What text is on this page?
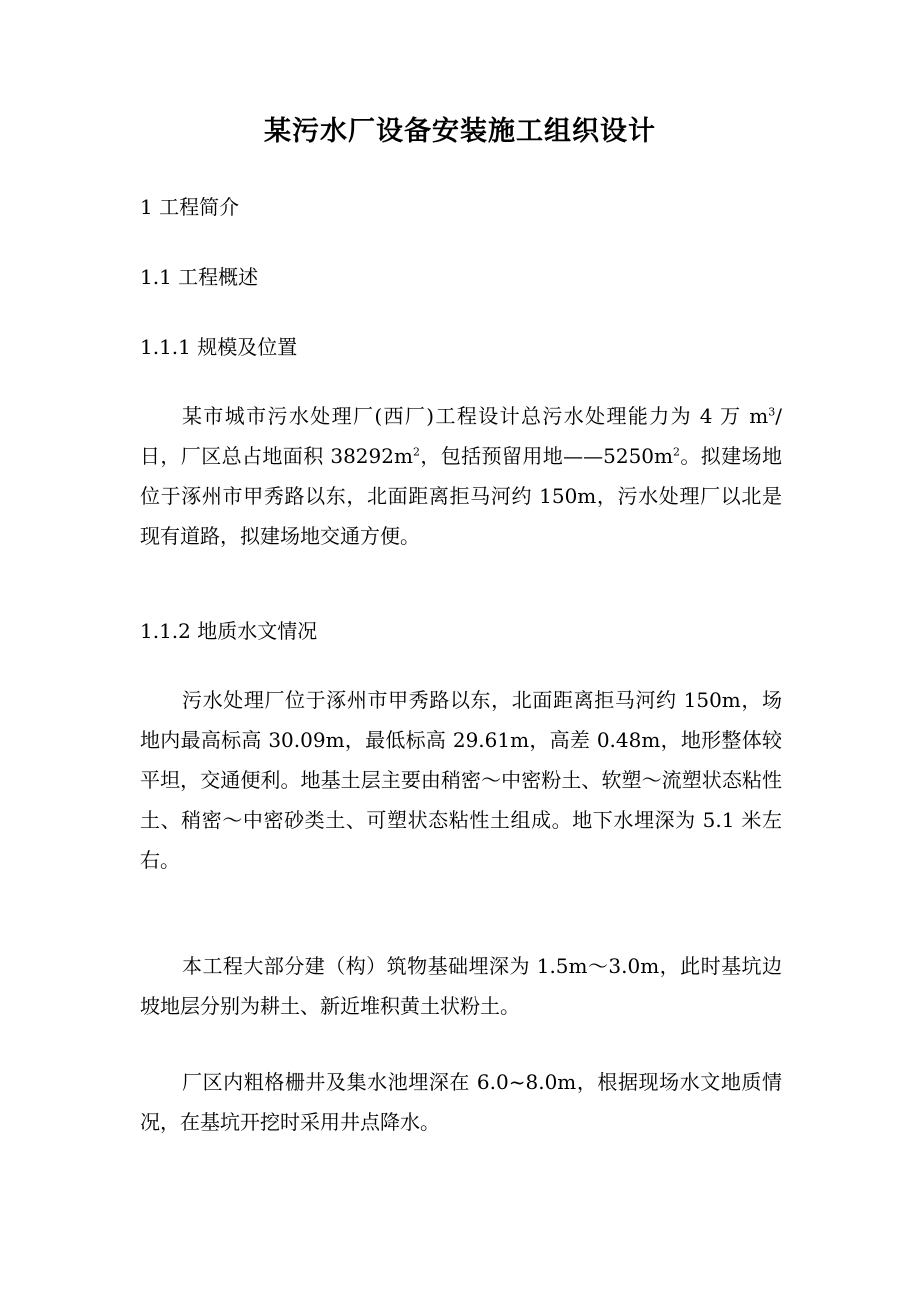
某污水厂设备安装施工组织设计

1 工程简介

1.1 工程概述

1.1.1 规模及位置

某市城市污水处理厂(西厂)工程设计总污水处理能力为 4 万 $m^3/$日，厂区总占地面积 $38292m^2$，包括预留用地$——5250m^2$。拟建场地位于涿州市甲秀路以东，北面距离拒马河约 150m，污水处理厂以北是现有道路，拟建场地交通方便。

1.1.2 地质水文情况

污水处理厂位于涿州市甲秀路以东，北面距离拒马河约 150m，场地内最高标高 30.09m，最低标高 29.61m，高差 0.48m，地形整体较平坦，交通便利。地基土层主要由稍密～中密粉土、软塑～流塑状态粘性土、稍密～中密砂类土、可塑状态粘性土组成。地下水埋深为 5.1 米左右。

本工程大部分建（构）筑物基础埋深为 1.5m～3.0m，此时基坑边坡地层分别为耕土、新近堆积黄土状粉土。

厂区内粗格栅井及集水池埋深在 6.0~8.0m，根据现场水文地质情况，在基坑开挖时采用井点降水。
